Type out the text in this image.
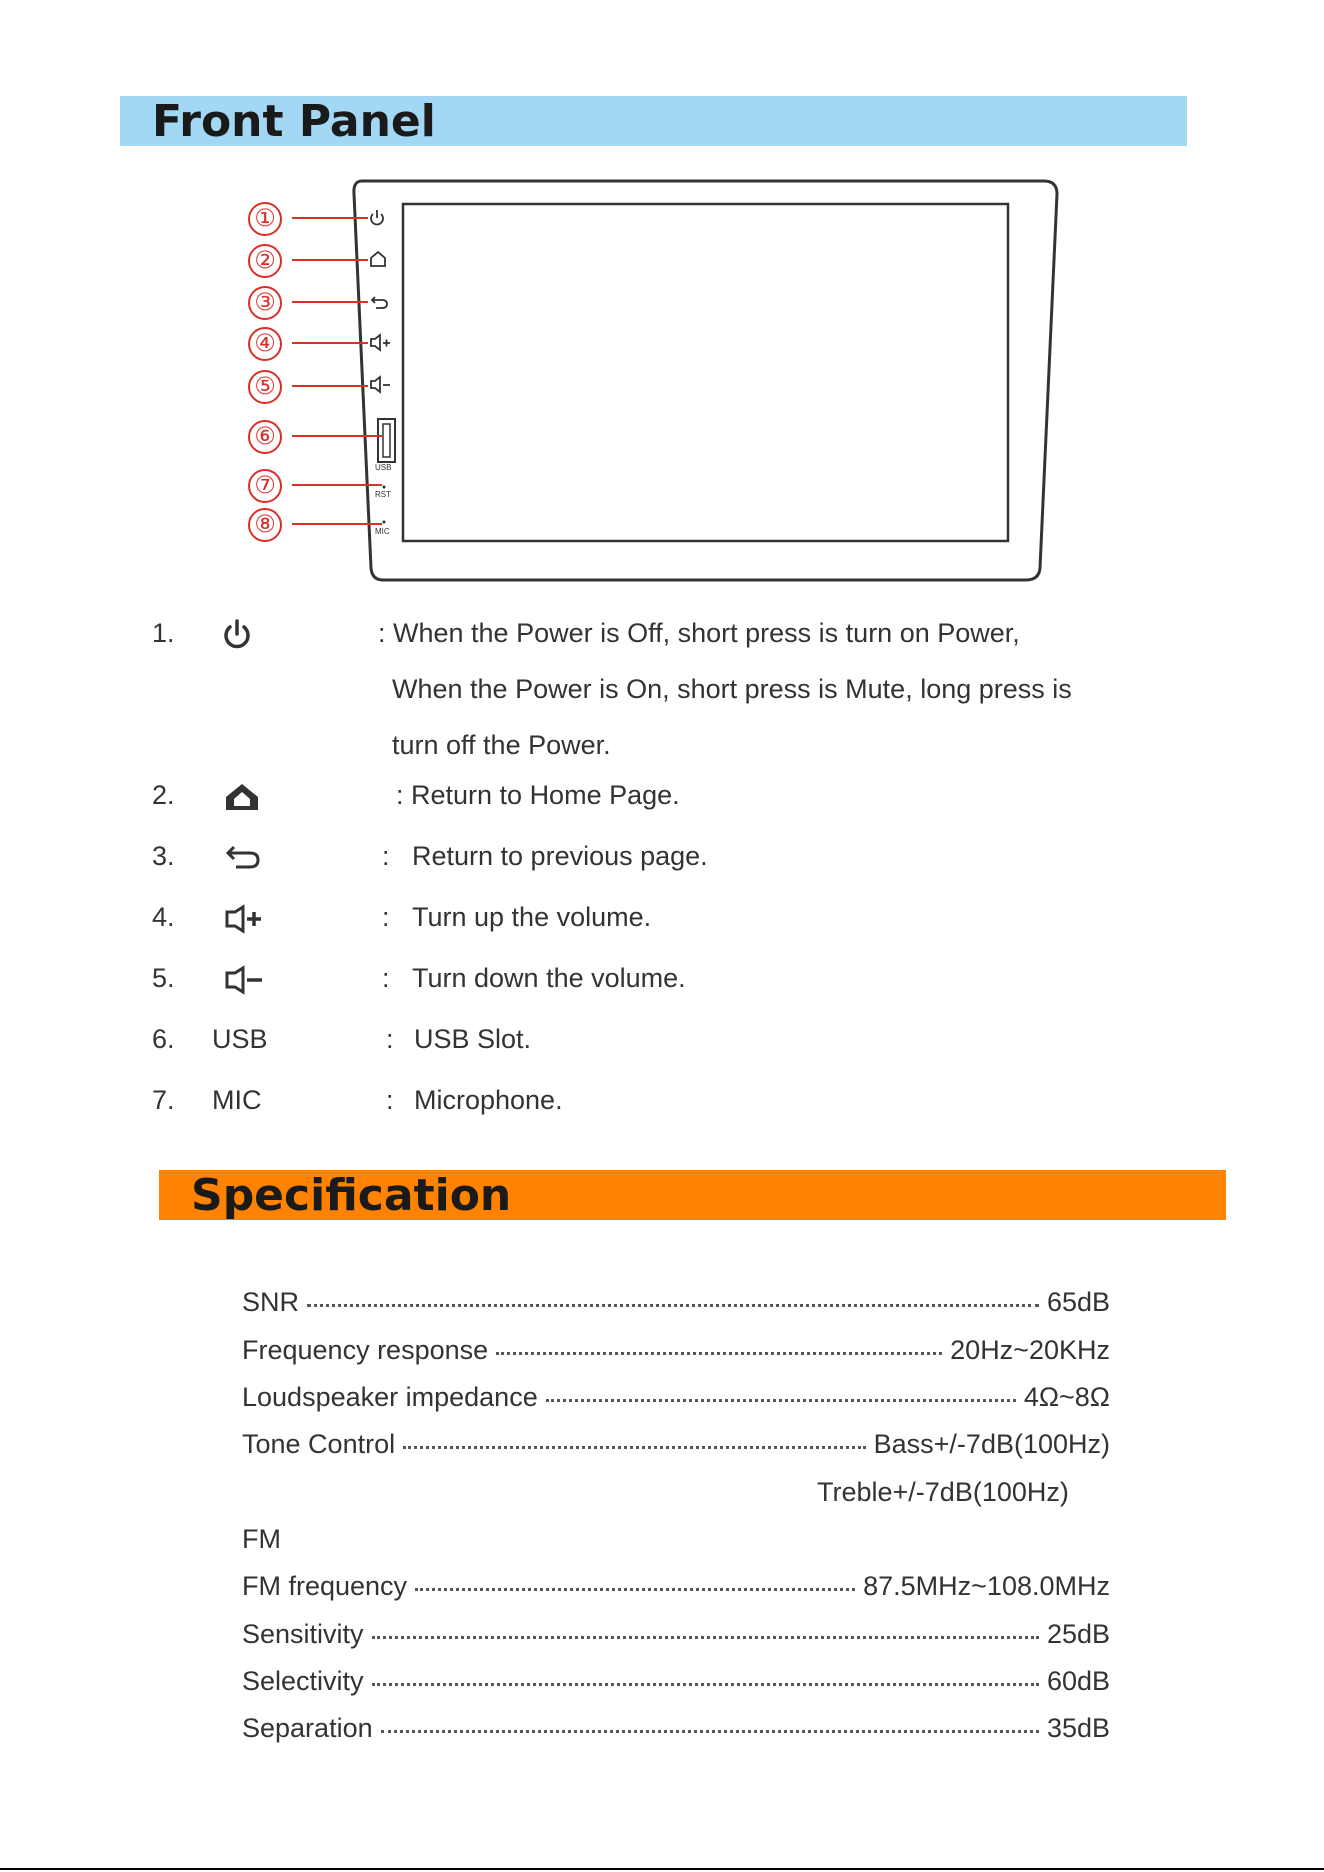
Front Panel
USB
RST
MIC
①
②
③
④
⑤
⑥
⑦
⑧
1.	: When the Power is Off, short press is turn on Power,
When the Power is On, short press is Mute, long press is
turn off the Power.
2.	: Return to Home Page.
3.	: Return to previous page.
4.	: Turn up the volume.
5.	: Turn down the volume.
6. USB	: USB Slot.
7. MIC	: Microphone.
Specification
SNR	65dB
Frequency response	20Hz~20KHz
Loudspeaker impedance	4Ω~8Ω
Tone Control	Bass+/-7dB(100Hz)
Treble+/-7dB(100Hz)
FM
FM frequency	87.5MHz~108.0MHz
Sensitivity	25dB
Selectivity	60dB
Separation	35dB
